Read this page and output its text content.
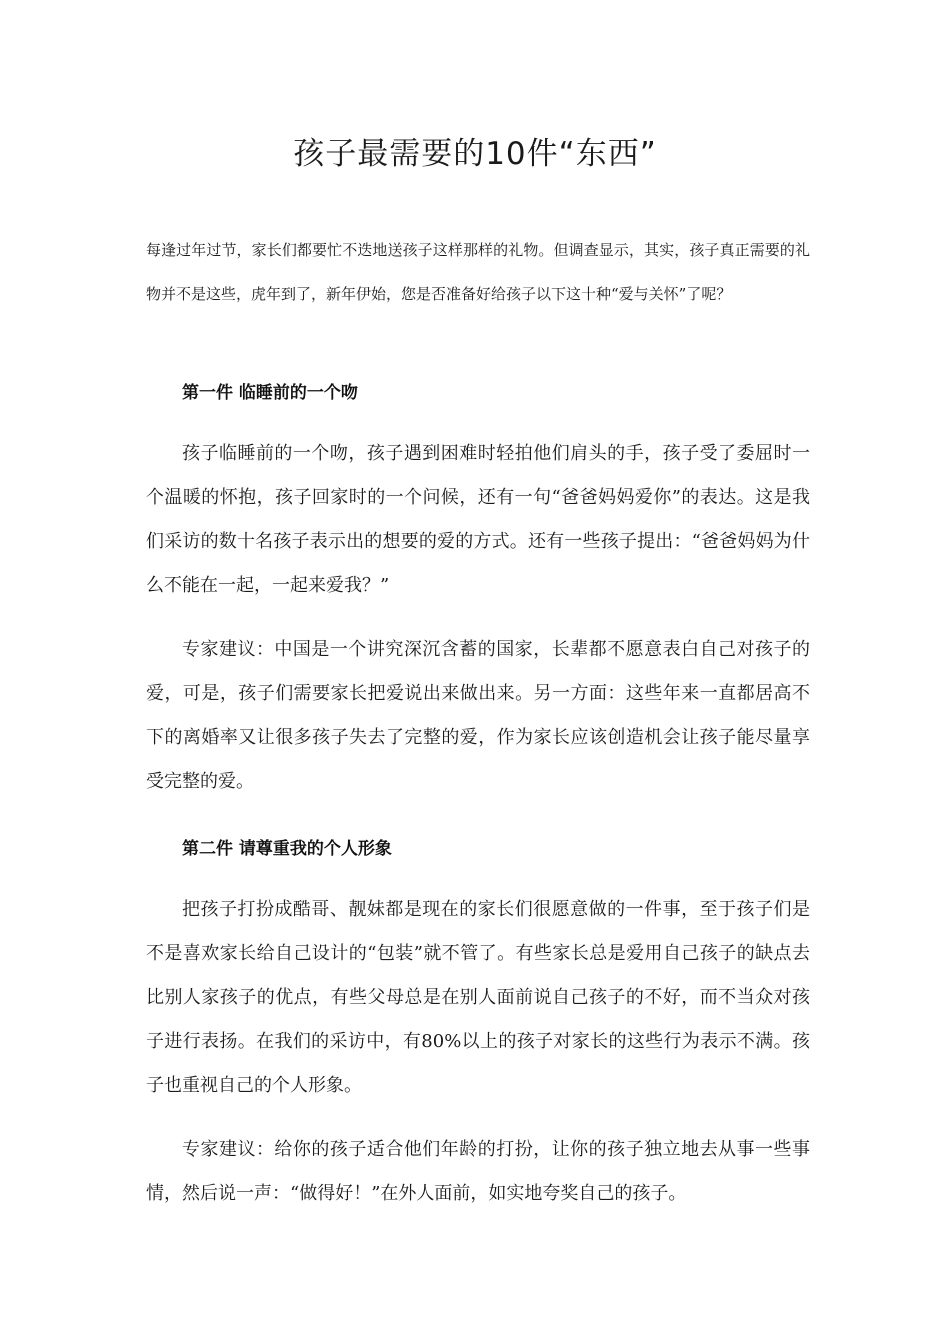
孩子最需要的10件“东西”

每逢过年过节，家长们都要忙不迭地送孩子这样那样的礼物。但调查显示，其实，孩子真正需要的礼物并不是这些，虎年到了，新年伊始，您是否准备好给孩子以下这十种“爱与关怀”了呢？

第一件 临睡前的一个吻

孩子临睡前的一个吻，孩子遇到困难时轻拍他们肩头的手，孩子受了委屈时一个温暖的怀抱，孩子回家时的一个问候，还有一句“爸爸妈妈爱你”的表达。这是我们采访的数十名孩子表示出的想要的爱的方式。还有一些孩子提出：“爸爸妈妈为什么不能在一起，一起来爱我？”

专家建议：中国是一个讲究深沉含蓄的国家，长辈都不愿意表白自己对孩子的爱，可是，孩子们需要家长把爱说出来做出来。另一方面：这些年来一直都居高不下的离婚率又让很多孩子失去了完整的爱，作为家长应该创造机会让孩子能尽量享受完整的爱。

第二件 请尊重我的个人形象

把孩子打扮成酷哥、靓妹都是现在的家长们很愿意做的一件事，至于孩子们是不是喜欢家长给自己设计的“包装”就不管了。有些家长总是爱用自己孩子的缺点去比别人家孩子的优点，有些父母总是在别人面前说自己孩子的不好，而不当众对孩子进行表扬。在我们的采访中，有80%以上的孩子对家长的这些行为表示不满。孩子也重视自己的个人形象。

专家建议：给你的孩子适合他们年龄的打扮，让你的孩子独立地去从事一些事情，然后说一声：“做得好！”在外人面前，如实地夸奖自己的孩子。
